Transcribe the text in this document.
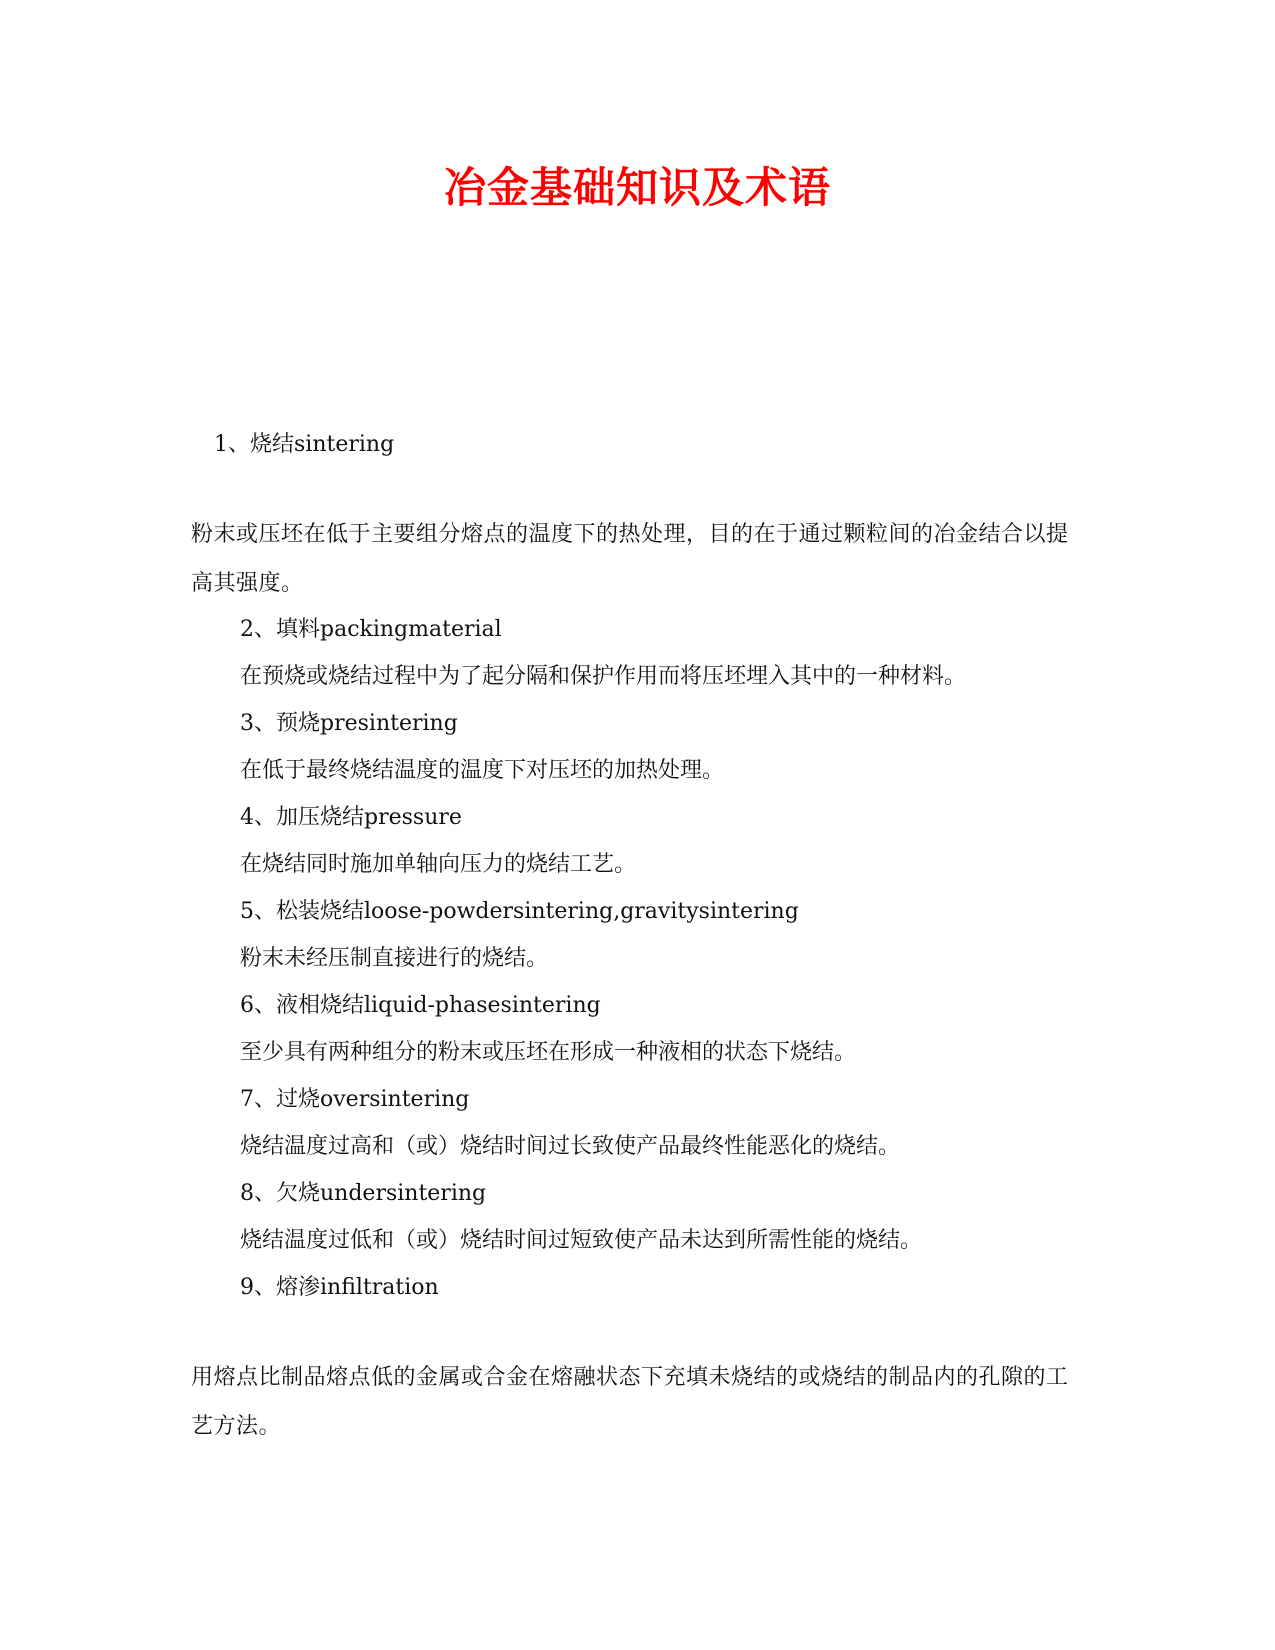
冶金基础知识及术语
1、烧结sintering
粉末或压坯在低于主要组分熔点的温度下的热处理，目的在于通过颗粒间的冶金结合以提高其强度。
2、填料packingmaterial
在预烧或烧结过程中为了起分隔和保护作用而将压坯埋入其中的一种材料。
3、预烧presintering
在低于最终烧结温度的温度下对压坯的加热处理。
4、加压烧结pressure
在烧结同时施加单轴向压力的烧结工艺。
5、松装烧结loose-powdersintering,gravitysintering
粉末未经压制直接进行的烧结。
6、液相烧结liquid-phasesintering
至少具有两种组分的粉末或压坯在形成一种液相的状态下烧结。
7、过烧oversintering
烧结温度过高和（或）烧结时间过长致使产品最终性能恶化的烧结。
8、欠烧undersintering
烧结温度过低和（或）烧结时间过短致使产品未达到所需性能的烧结。
9、熔渗infiltration
用熔点比制品熔点低的金属或合金在熔融状态下充填未烧结的或烧结的制品内的孔隙的工艺方法。
